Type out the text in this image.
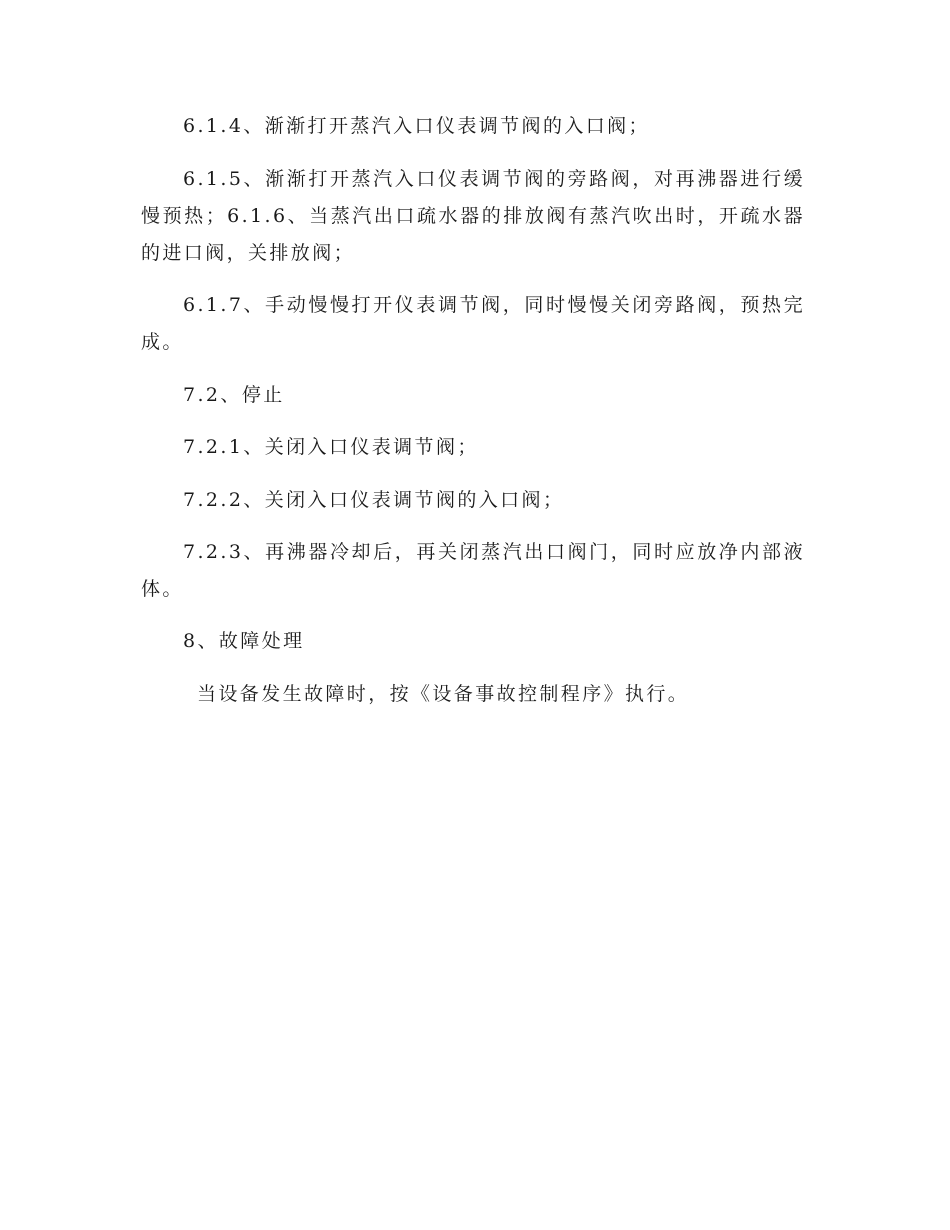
6.1.4、渐渐打开蒸汽入口仪表调节阀的入口阀；

6.1.5、渐渐打开蒸汽入口仪表调节阀的旁路阀，对再沸器进行缓慢预热；6.1.6、当蒸汽出口疏水器的排放阀有蒸汽吹出时，开疏水器的进口阀，关排放阀；

6.1.7、手动慢慢打开仪表调节阀，同时慢慢关闭旁路阀，预热完成。

7.2、停止

7.2.1、关闭入口仪表调节阀；

7.2.2、关闭入口仪表调节阀的入口阀；

7.2.3、再沸器冷却后，再关闭蒸汽出口阀门，同时应放净内部液体。

8、故障处理

当设备发生故障时，按《设备事故控制程序》执行。
